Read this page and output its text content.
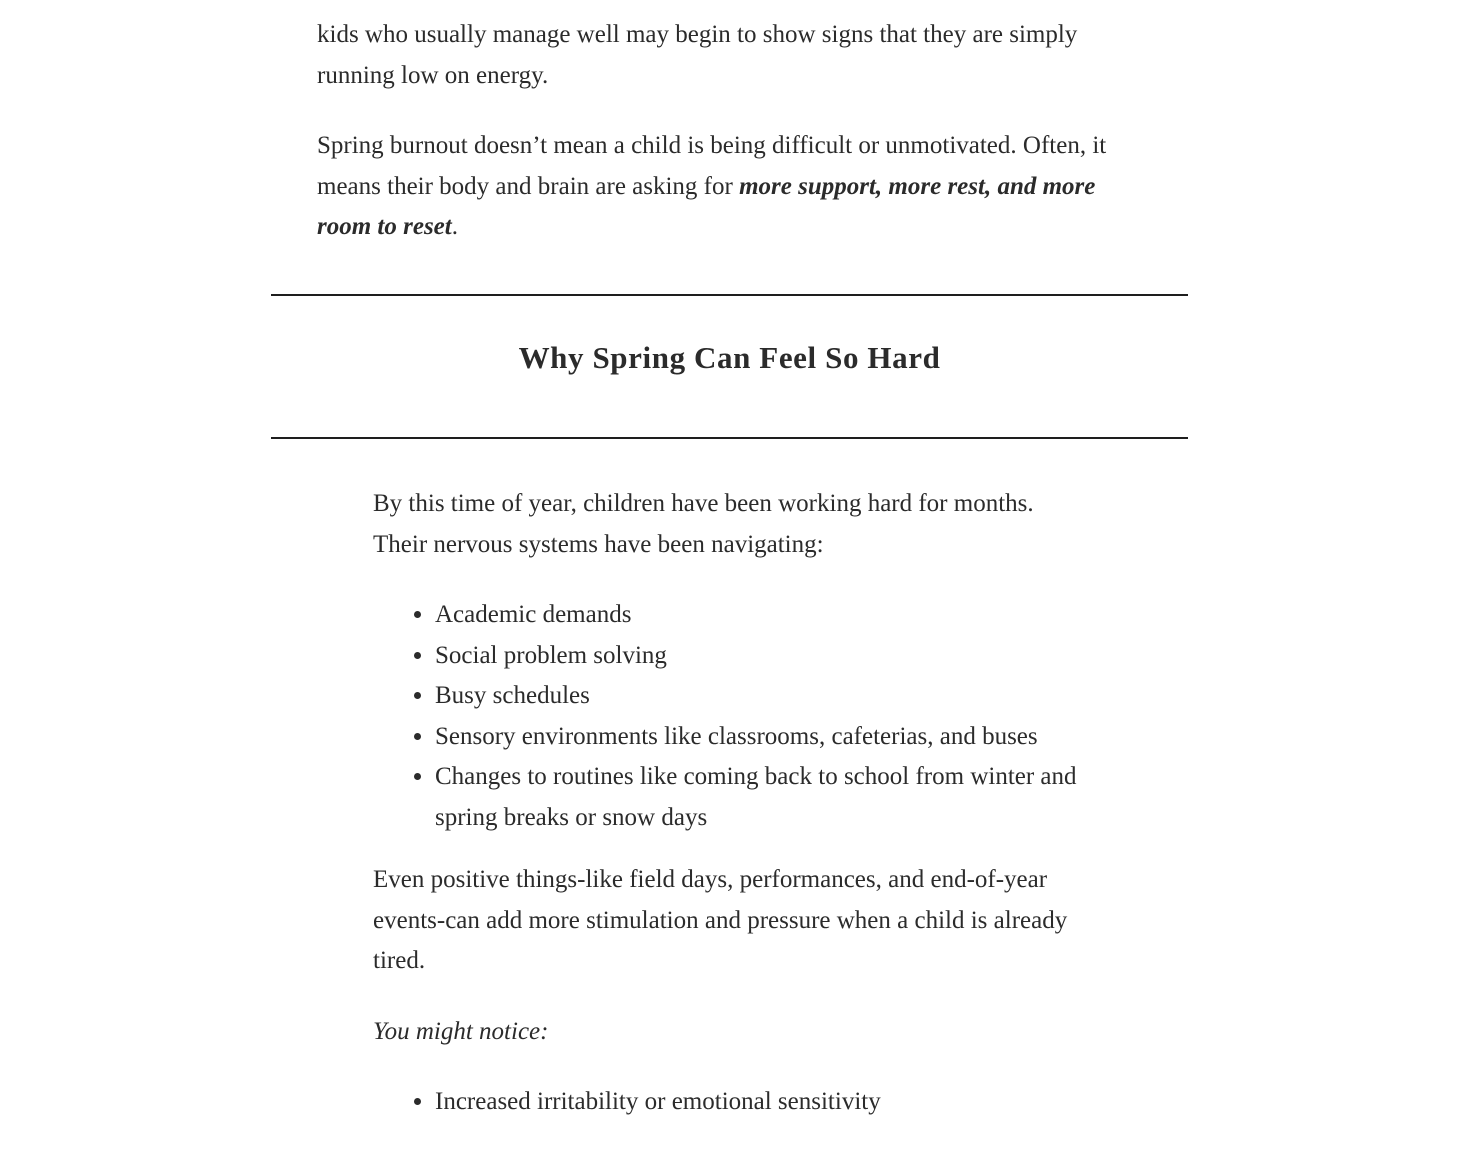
kids who usually manage well may begin to show signs that they are simply running low on energy.

Spring burnout doesn’t mean a child is being difficult or unmotivated. Often, it means their body and brain are asking for more support, more rest, and more room to reset.

Why Spring Can Feel So Hard

By this time of year, children have been working hard for months. Their nervous systems have been navigating:

• Academic demands
• Social problem solving
• Busy schedules
• Sensory environments like classrooms, cafeterias, and buses
• Changes to routines like coming back to school from winter and spring breaks or snow days

Even positive things-like field days, performances, and end-of-year events-can add more stimulation and pressure when a child is already tired.

You might notice:

• Increased irritability or emotional sensitivity
